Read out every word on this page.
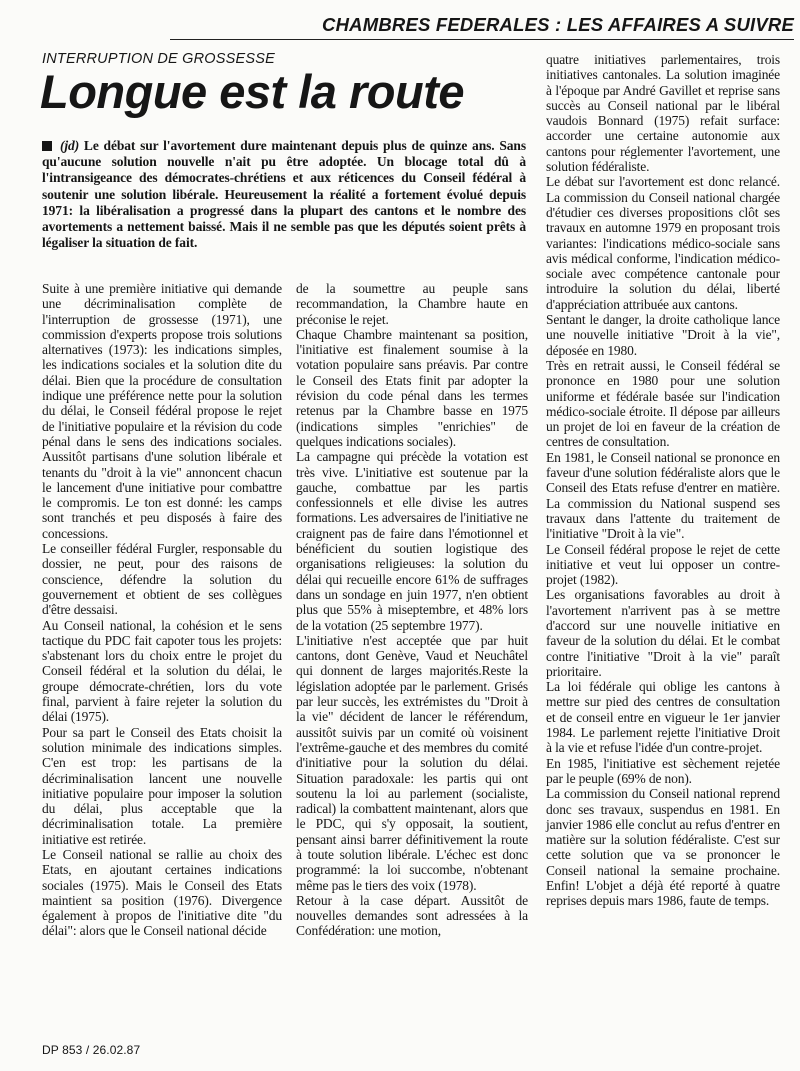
CHAMBRES FEDERALES : LES AFFAIRES A SUIVRE
INTERRUPTION DE GROSSESSE
Longue est la route
(jd) Le débat sur l'avortement dure maintenant depuis plus de quinze ans. Sans qu'aucune solution nouvelle n'ait pu être adoptée. Un blocage total dû à l'intransigeance des démocrates-chrétiens et aux réticences du Conseil fédéral à soutenir une solution libérale. Heureusement la réalité a fortement évolué depuis 1971: la libéralisation a progressé dans la plupart des cantons et le nombre des avortements a nettement baissé. Mais il ne semble pas que les députés soient prêts à légaliser la situation de fait.

Suite à une première initiative qui demande une décriminalisation complète de l'interruption de grossesse (1971), une commission d'experts propose trois solutions alternatives (1973): les indications simples, les indications sociales et la solution dite du délai. Bien que la procédure de consultation indique une préférence nette pour la solution du délai, le Conseil fédéral propose le rejet de l'initiative populaire et la révision du code pénal dans le sens des indications sociales. Aussitôt partisans d'une solution libérale et tenants du "droit à la vie" annoncent chacun le lancement d'une initiative pour combattre le compromis. Le ton est donné: les camps sont tranchés et peu disposés à faire des concessions.

Le conseiller fédéral Furgler, responsable du dossier, ne peut, pour des raisons de conscience, défendre la solution du gouvernement et obtient de ses collègues d'être dessaisi.

Au Conseil national, la cohésion et le sens tactique du PDC fait capoter tous les projets: s'abstenant lors du choix entre le projet du Conseil fédéral et la solution du délai, le groupe démocrate-chrétien, lors du vote final, parvient à faire rejeter la solution du délai (1975).

Pour sa part le Conseil des Etats choisit la solution minimale des indications simples. C'en est trop: les partisans de la décriminalisation lancent une nouvelle initiative populaire pour imposer la solution du délai, plus acceptable que la décriminalisation totale. La première initiative est retirée.

Le Conseil national se rallie au choix des Etats, en ajoutant certaines indications sociales (1975). Mais le Conseil des Etats maintient sa position (1976). Divergence également à propos de l'initiative dite "du délai": alors que le Conseil national décide

de la soumettre au peuple sans recommandation, la Chambre haute en préconise le rejet.

Chaque Chambre maintenant sa position, l'initiative est finalement soumise à la votation populaire sans préavis. Par contre le Conseil des Etats finit par adopter la révision du code pénal dans les termes retenus par la Chambre basse en 1975 (indications simples "enrichies" de quelques indications sociales).

La campagne qui précède la votation est très vive. L'initiative est soutenue par la gauche, combattue par les partis confessionnels et elle divise les autres formations. Les adversaires de l'initiative ne craignent pas de faire dans l'émotionnel et bénéficient du soutien logistique des organisations religieuses: la solution du délai qui recueille encore 61% de suffrages dans un sondage en juin 1977, n'en obtient plus que 55% à miseptembre, et 48% lors de la votation (25 septembre 1977).

L'initiative n'est acceptée que par huit cantons, dont Genève, Vaud et Neuchâtel qui donnent de larges majorités.Reste la législation adoptée par le parlement. Grisés par leur succès, les extrémistes du "Droit à la vie" décident de lancer le référendum, aussitôt suivis par un comité où voisinent l'extrême-gauche et des membres du comité d'initiative pour la solution du délai. Situation paradoxale: les partis qui ont soutenu la loi au parlement (socialiste, radical) la combattent maintenant, alors que le PDC, qui s'y opposait, la soutient, pensant ainsi barrer définitivement la route à toute solution libérale. L'échec est donc programmé: la loi succombe, n'obtenant même pas le tiers des voix (1978).

Retour à la case départ. Aussitôt de nouvelles demandes sont adressées à la Confédération: une motion,

quatre initiatives parlementaires, trois initiatives cantonales. La solution imaginée à l'époque par André Gavillet et reprise sans succès au Conseil national par le libéral vaudois Bonnard (1975) refait surface: accorder une certaine autonomie aux cantons pour réglementer l'avortement, une solution fédéraliste.

Le débat sur l'avortement est donc relancé. La commission du Conseil national chargée d'étudier ces diverses propositions clôt ses travaux en automne 1979 en proposant trois variantes: l'indications médico-sociale sans avis médical conforme, l'indication médico-sociale avec compétence cantonale pour introduire la solution du délai, liberté d'appréciation attribuée aux cantons.

Sentant le danger, la droite catholique lance une nouvelle initiative "Droit à la vie", déposée en 1980.

Très en retrait aussi, le Conseil fédéral se prononce en 1980 pour une solution uniforme et fédérale basée sur l'indication médico-sociale étroite. Il dépose par ailleurs un projet de loi en faveur de la création de centres de consultation.

En 1981, le Conseil national se prononce en faveur d'une solution fédéraliste alors que le Conseil des Etats refuse d'entrer en matière. La commission du National suspend ses travaux dans l'attente du traitement de l'initiative "Droit à la vie".

Le Conseil fédéral propose le rejet de cette initiative et veut lui opposer un contre-projet (1982).

Les organisations favorables au droit à l'avortement n'arrivent pas à se mettre d'accord sur une nouvelle initiative en faveur de la solution du délai. Et le combat contre l'initiative "Droit à la vie" paraît prioritaire.

La loi fédérale qui oblige les cantons à mettre sur pied des centres de consultation et de conseil entre en vigueur le 1er janvier 1984. Le parlement rejette l'initiative Droit à la vie et refuse l'idée d'un contre-projet.

En 1985, l'initiative est sèchement rejetée par le peuple (69% de non).

La commission du Conseil national reprend donc ses travaux, suspendus en 1981. En janvier 1986 elle conclut au refus d'entrer en matière sur la solution fédéraliste. C'est sur cette solution que va se prononcer le Conseil national la semaine prochaine. Enfin! L'objet a déjà été reporté à quatre reprises depuis mars 1986, faute de temps.

DP 853 / 26.02.87
